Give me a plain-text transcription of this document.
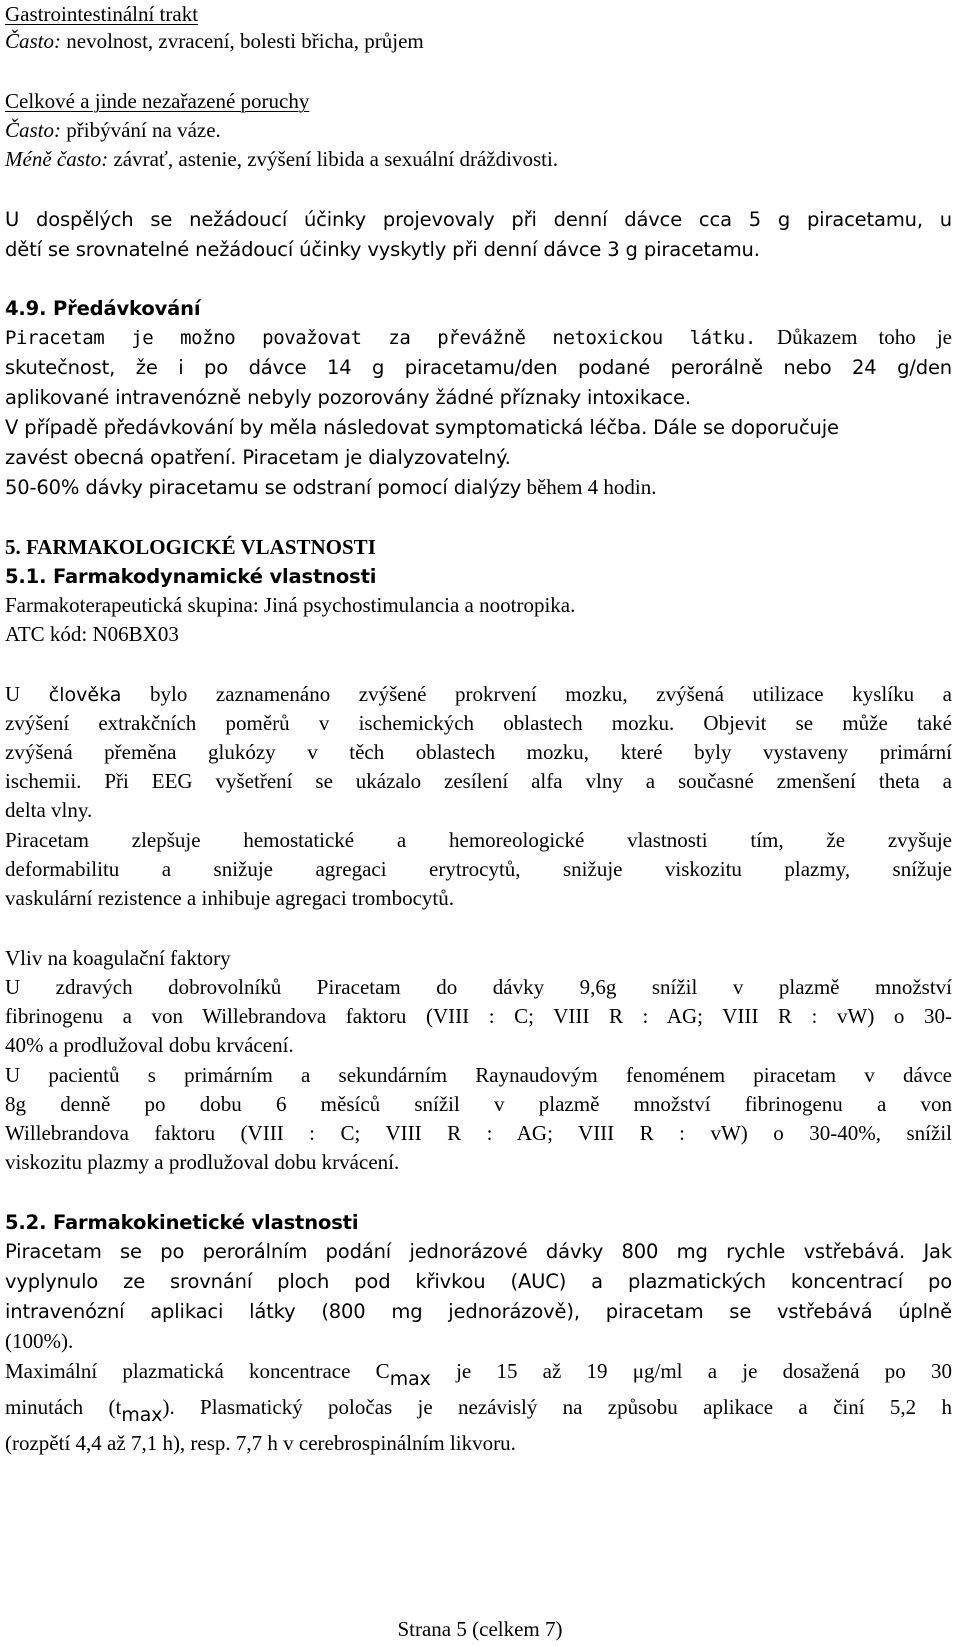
Gastrointestinální trakt
Často: nevolnost, zvracení, bolesti břicha, průjem
Celkové a jinde nezařazené poruchy
Často: přibývání na váze.
Méně často: závrať, astenie, zvýšení libida a sexuální dráždivosti.
U dospělých se nežádoucí účinky projevovaly při denní dávce cca 5 g piracetamu, u
dětí se srovnatelné nežádoucí účinky vyskytly při denní dávce 3 g piracetamu.
4.9. Předávkování
Piracetam je možno považovat za převážně netoxickou látku. Důkazem toho je
skutečnost, že i po dávce 14 g piracetamu/den podané perorálně nebo 24 g/den
aplikované intravenózně nebyly pozorovány žádné příznaky intoxikace.
V případě předávkování by měla následovat symptomatická léčba. Dále se doporučuje
zavést obecná opatření. Piracetam je dialyzovatelný.
50-60% dávky piracetamu se odstraní pomocí dialýzy během 4 hodin.
5. FARMAKOLOGICKÉ VLASTNOSTI
5.1. Farmakodynamické vlastnosti
Farmakoterapeutická skupina: Jiná psychostimulancia a nootropika.
ATC kód: N06BX03
U člověka bylo zaznamenáno zvýšené prokrvení mozku, zvýšená utilizace kyslíku a
zvýšení extrakčních poměrů v ischemických oblastech mozku. Objevit se může také
zvýšená přeměna glukózy v těch oblastech mozku, které byly vystaveny primární
ischemii. Při EEG vyšetření se ukázalo zesílení alfa vlny a současné zmenšení theta a
delta vlny.
Piracetam zlepšuje hemostatické a hemoreologické vlastnosti tím, že zvyšuje
deformabilitu a snižuje agregaci erytrocytů, snižuje viskozitu plazmy, snížuje
vaskulární rezistence a inhibuje agregaci trombocytů.
Vliv na koagulační faktory
U zdravých dobrovolníků Piracetam do dávky 9,6g snížil v plazmě množství
fibrinogenu a von Willebrandova faktoru (VIII : C; VIII R : AG; VIII R : vW) o 30-
40% a prodlužoval dobu krvácení.
U pacientů s primárním a sekundárním Raynaudovým fenoménem piracetam v dávce
8g denně po dobu 6 měsíců snížil v plazmě množství fibrinogenu a von
Willebrandova faktoru (VIII : C; VIII R : AG; VIII R : vW) o 30-40%, snížil
viskozitu plazmy a prodlužoval dobu krvácení.
5.2. Farmakokinetické vlastnosti
Piracetam se po perorálním podání jednorázové dávky 800 mg rychle vstřebává. Jak
vyplynulo ze srovnání ploch pod křivkou (AUC) a plazmatických koncentrací po
intravenózní aplikaci látky (800 mg jednorázově), piracetam se vstřebává úplně
(100%).
Maximální plazmatická koncentrace Cmax je 15 až 19 μg/ml a je dosažená po 30
minutách (tmax). Plasmatický poločas je nezávislý na způsobu aplikace a činí 5,2 h
(rozpětí 4,4 až 7,1 h), resp. 7,7 h v cerebrospinálním likvoru.
Strana 5 (celkem 7)
